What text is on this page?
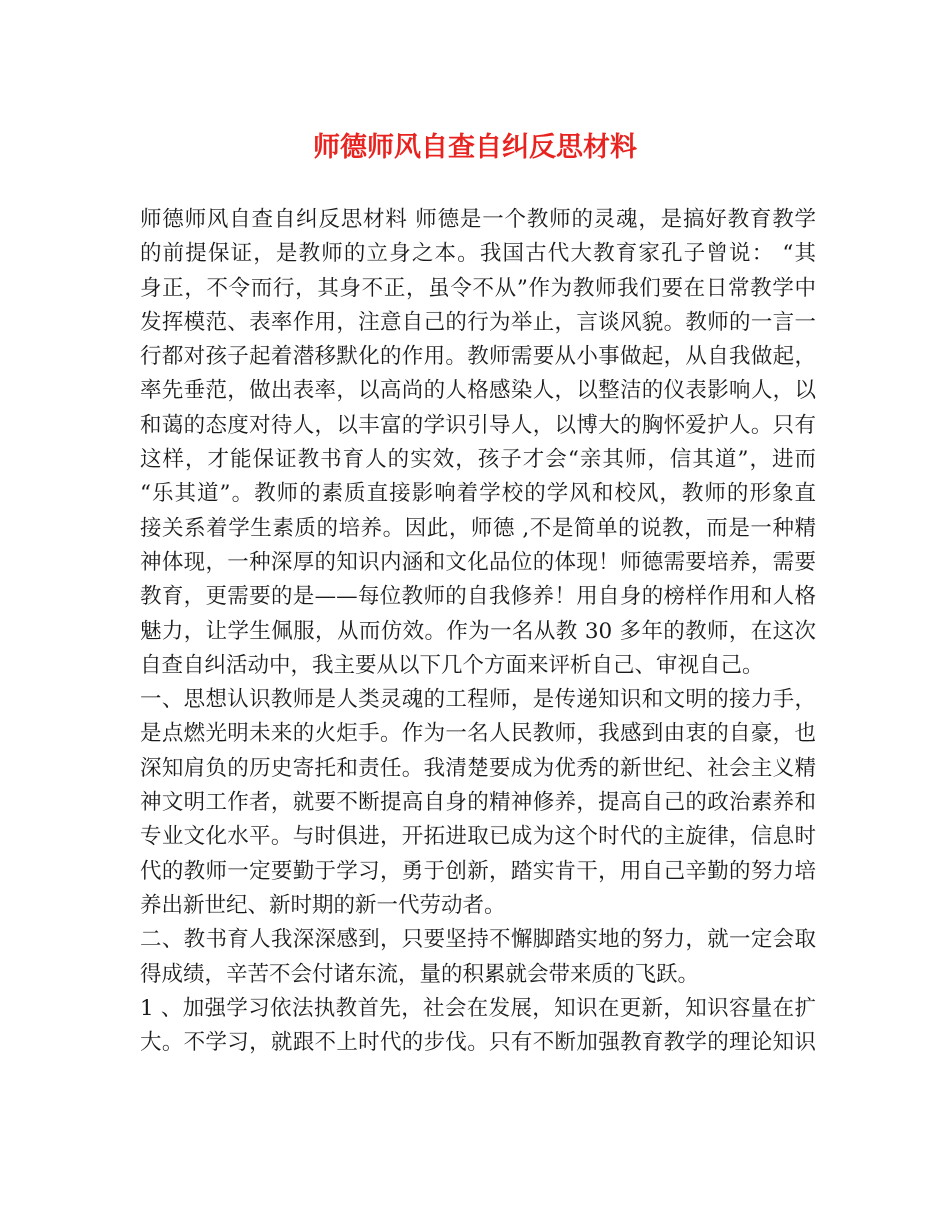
师德师风自查自纠反思材料
师德师风自查自纠反思材料 师德是一个教师的灵魂，是搞好教育教学
的前提保证，是教师的立身之本。我国古代大教育家孔子曾说： “其
身正，不令而行，其身不正，虽令不从”作为教师我们要在日常教学中
发挥模范、表率作用，注意自己的行为举止，言谈风貌。教师的一言一
行都对孩子起着潜移默化的作用。教师需要从小事做起，从自我做起，
率先垂范，做出表率，以高尚的人格感染人，以整洁的仪表影响人，以
和蔼的态度对待人，以丰富的学识引导人，以博大的胸怀爱护人。只有
这样，才能保证教书育人的实效，孩子才会“亲其师，信其道”，进而
“乐其道”。教师的素质直接影响着学校的学风和校风，教师的形象直
接关系着学生素质的培养。因此，师德 ,不是简单的说教，而是一种精
神体现，一种深厚的知识内涵和文化品位的体现！师德需要培养，需要
教育，更需要的是——每位教师的自我修养！用自身的榜样作用和人格
魅力，让学生佩服，从而仿效。作为一名从教 30 多年的教师，在这次
自查自纠活动中，我主要从以下几个方面来评析自己、审视自己。
一、思想认识教师是人类灵魂的工程师，是传递知识和文明的接力手，
是点燃光明未来的火炬手。作为一名人民教师，我感到由衷的自豪，也
深知肩负的历史寄托和责任。我清楚要成为优秀的新世纪、社会主义精
神文明工作者，就要不断提高自身的精神修养，提高自己的政治素养和
专业文化水平。与时俱进，开拓进取已成为这个时代的主旋律，信息时
代的教师一定要勤于学习，勇于创新，踏实肯干，用自己辛勤的努力培
养出新世纪、新时期的新一代劳动者。
二、教书育人我深深感到，只要坚持不懈脚踏实地的努力，就一定会取
得成绩，辛苦不会付诸东流，量的积累就会带来质的飞跃。
1 、加强学习依法执教首先，社会在发展，知识在更新，知识容量在扩
大。不学习，就跟不上时代的步伐。只有不断加强教育教学的理论知识
